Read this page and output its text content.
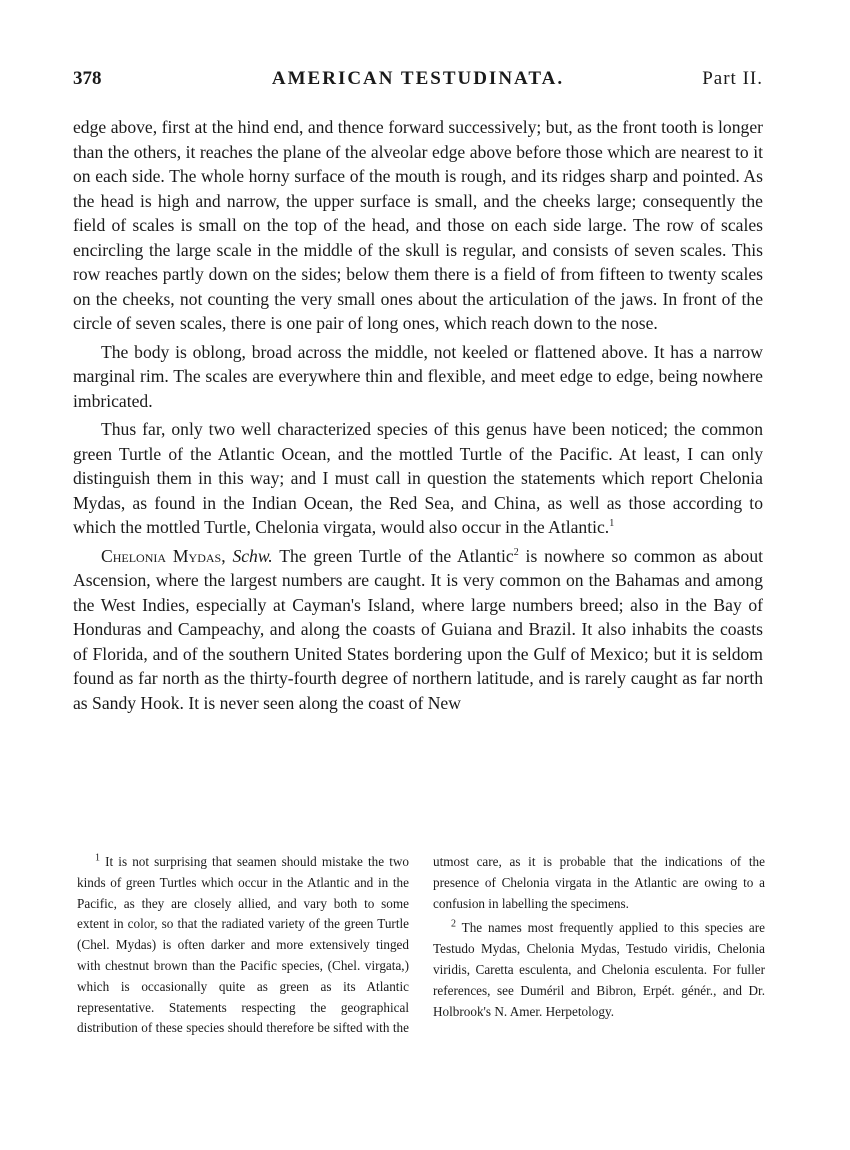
378	AMERICAN TESTUDINATA.	Part II.

edge above, first at the hind end, and thence forward successively; but, as the front tooth is longer than the others, it reaches the plane of the alveolar edge above before those which are nearest to it on each side. The whole horny surface of the mouth is rough, and its ridges sharp and pointed. As the head is high and narrow, the upper surface is small, and the cheeks large; consequently the field of scales is small on the top of the head, and those on each side large. The row of scales encircling the large scale in the middle of the skull is regular, and consists of seven scales. This row reaches partly down on the sides; below them there is a field of from fifteen to twenty scales on the cheeks, not counting the very small ones about the articulation of the jaws. In front of the circle of seven scales, there is one pair of long ones, which reach down to the nose.

The body is oblong, broad across the middle, not keeled or flattened above. It has a narrow marginal rim. The scales are everywhere thin and flexible, and meet edge to edge, being nowhere imbricated.

Thus far, only two well characterized species of this genus have been noticed; the common green Turtle of the Atlantic Ocean, and the mottled Turtle of the Pacific. At least, I can only distinguish them in this way; and I must call in question the statements which report Chelonia Mydas, as found in the Indian Ocean, the Red Sea, and China, as well as those according to which the mottled Turtle, Chelonia virgata, would also occur in the Atlantic.$^1$

Chelonia Mydas, Schw. The green Turtle of the Atlantic$^2$ is nowhere so common as about Ascension, where the largest numbers are caught. It is very common on the Bahamas and among the West Indies, especially at Cayman's Island, where large numbers breed; also in the Bay of Honduras and Campeachy, and along the coasts of Guiana and Brazil. It also inhabits the coasts of Florida, and of the southern United States bordering upon the Gulf of Mexico; but it is seldom found as far north as the thirty-fourth degree of northern latitude, and is rarely caught as far north as Sandy Hook. It is never seen along the coast of New

$^1$ It is not surprising that seamen should mistake the two kinds of green Turtles which occur in the Atlantic and in the Pacific, as they are closely allied, and vary both to some extent in color, so that the radiated variety of the green Turtle (Chel. Mydas) is often darker and more extensively tinged with chestnut brown than the Pacific species, (Chel. virgata,) which is occasionally quite as green as its Atlantic representative. Statements respecting the geographical distribution of these species should therefore be sifted with the utmost care, as it is probable that the indications of the presence of Chelonia virgata in the Atlantic are owing to a confusion in labelling the specimens.

$^2$ The names most frequently applied to this species are Testudo Mydas, Chelonia Mydas, Testudo viridis, Chelonia viridis, Caretta esculenta, and Chelonia esculenta. For fuller references, see Duméril and Bibron, Erpét. génér., and Dr. Holbrook's N. Amer. Herpetology.
